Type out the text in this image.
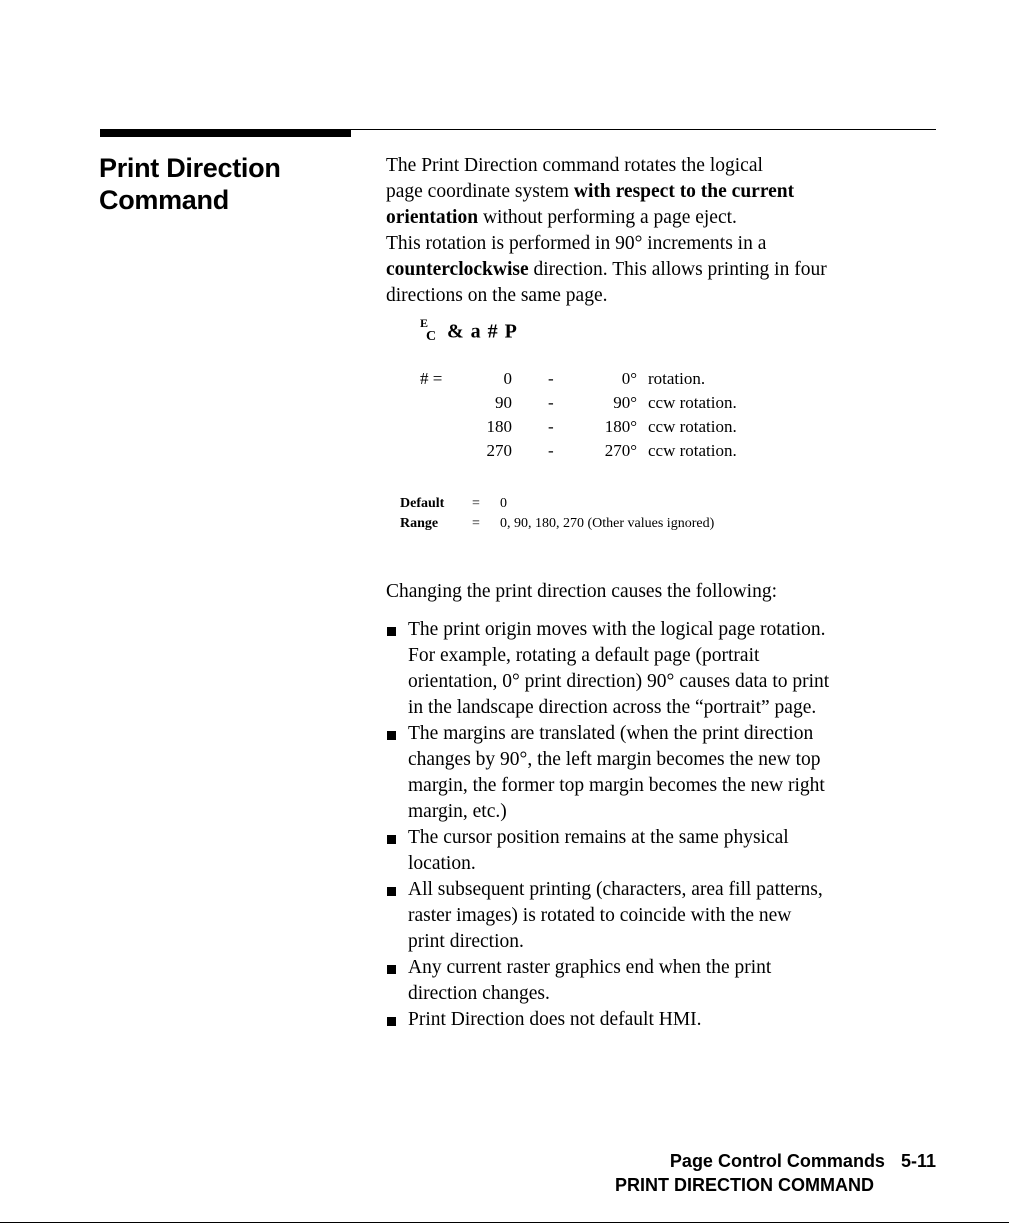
Print Direction
Command
The Print Direction command rotates the logical
page coordinate system with respect to the current
orientation without performing a page eject.
This rotation is performed in 90° increments in a
counterclockwise direction. This allows printing in four
directions on the same page.
E
C & a # P
# =	0 -	0° rotation.
90 -	90° ccw rotation.
180 -	180° ccw rotation.
270 -	270° ccw rotation.
Default = 0
Range = 0, 90, 180, 270 (Other values ignored)
Changing the print direction causes the following:
The print origin moves with the logical page rotation.
For example, rotating a default page (portrait
orientation, 0° print direction) 90° causes data to print
in the landscape direction across the “portrait” page.
The margins are translated (when the print direction
changes by 90°, the left margin becomes the new top
margin, the former top margin becomes the new right
margin, etc.)
The cursor position remains at the same physical
location.
All subsequent printing (characters, area fill patterns,
raster images) is rotated to coincide with the new
print direction.
Any current raster graphics end when the print
direction changes.
Print Direction does not default HMI.
Page Control Commands 5-11
PRINT DIRECTION COMMAND
